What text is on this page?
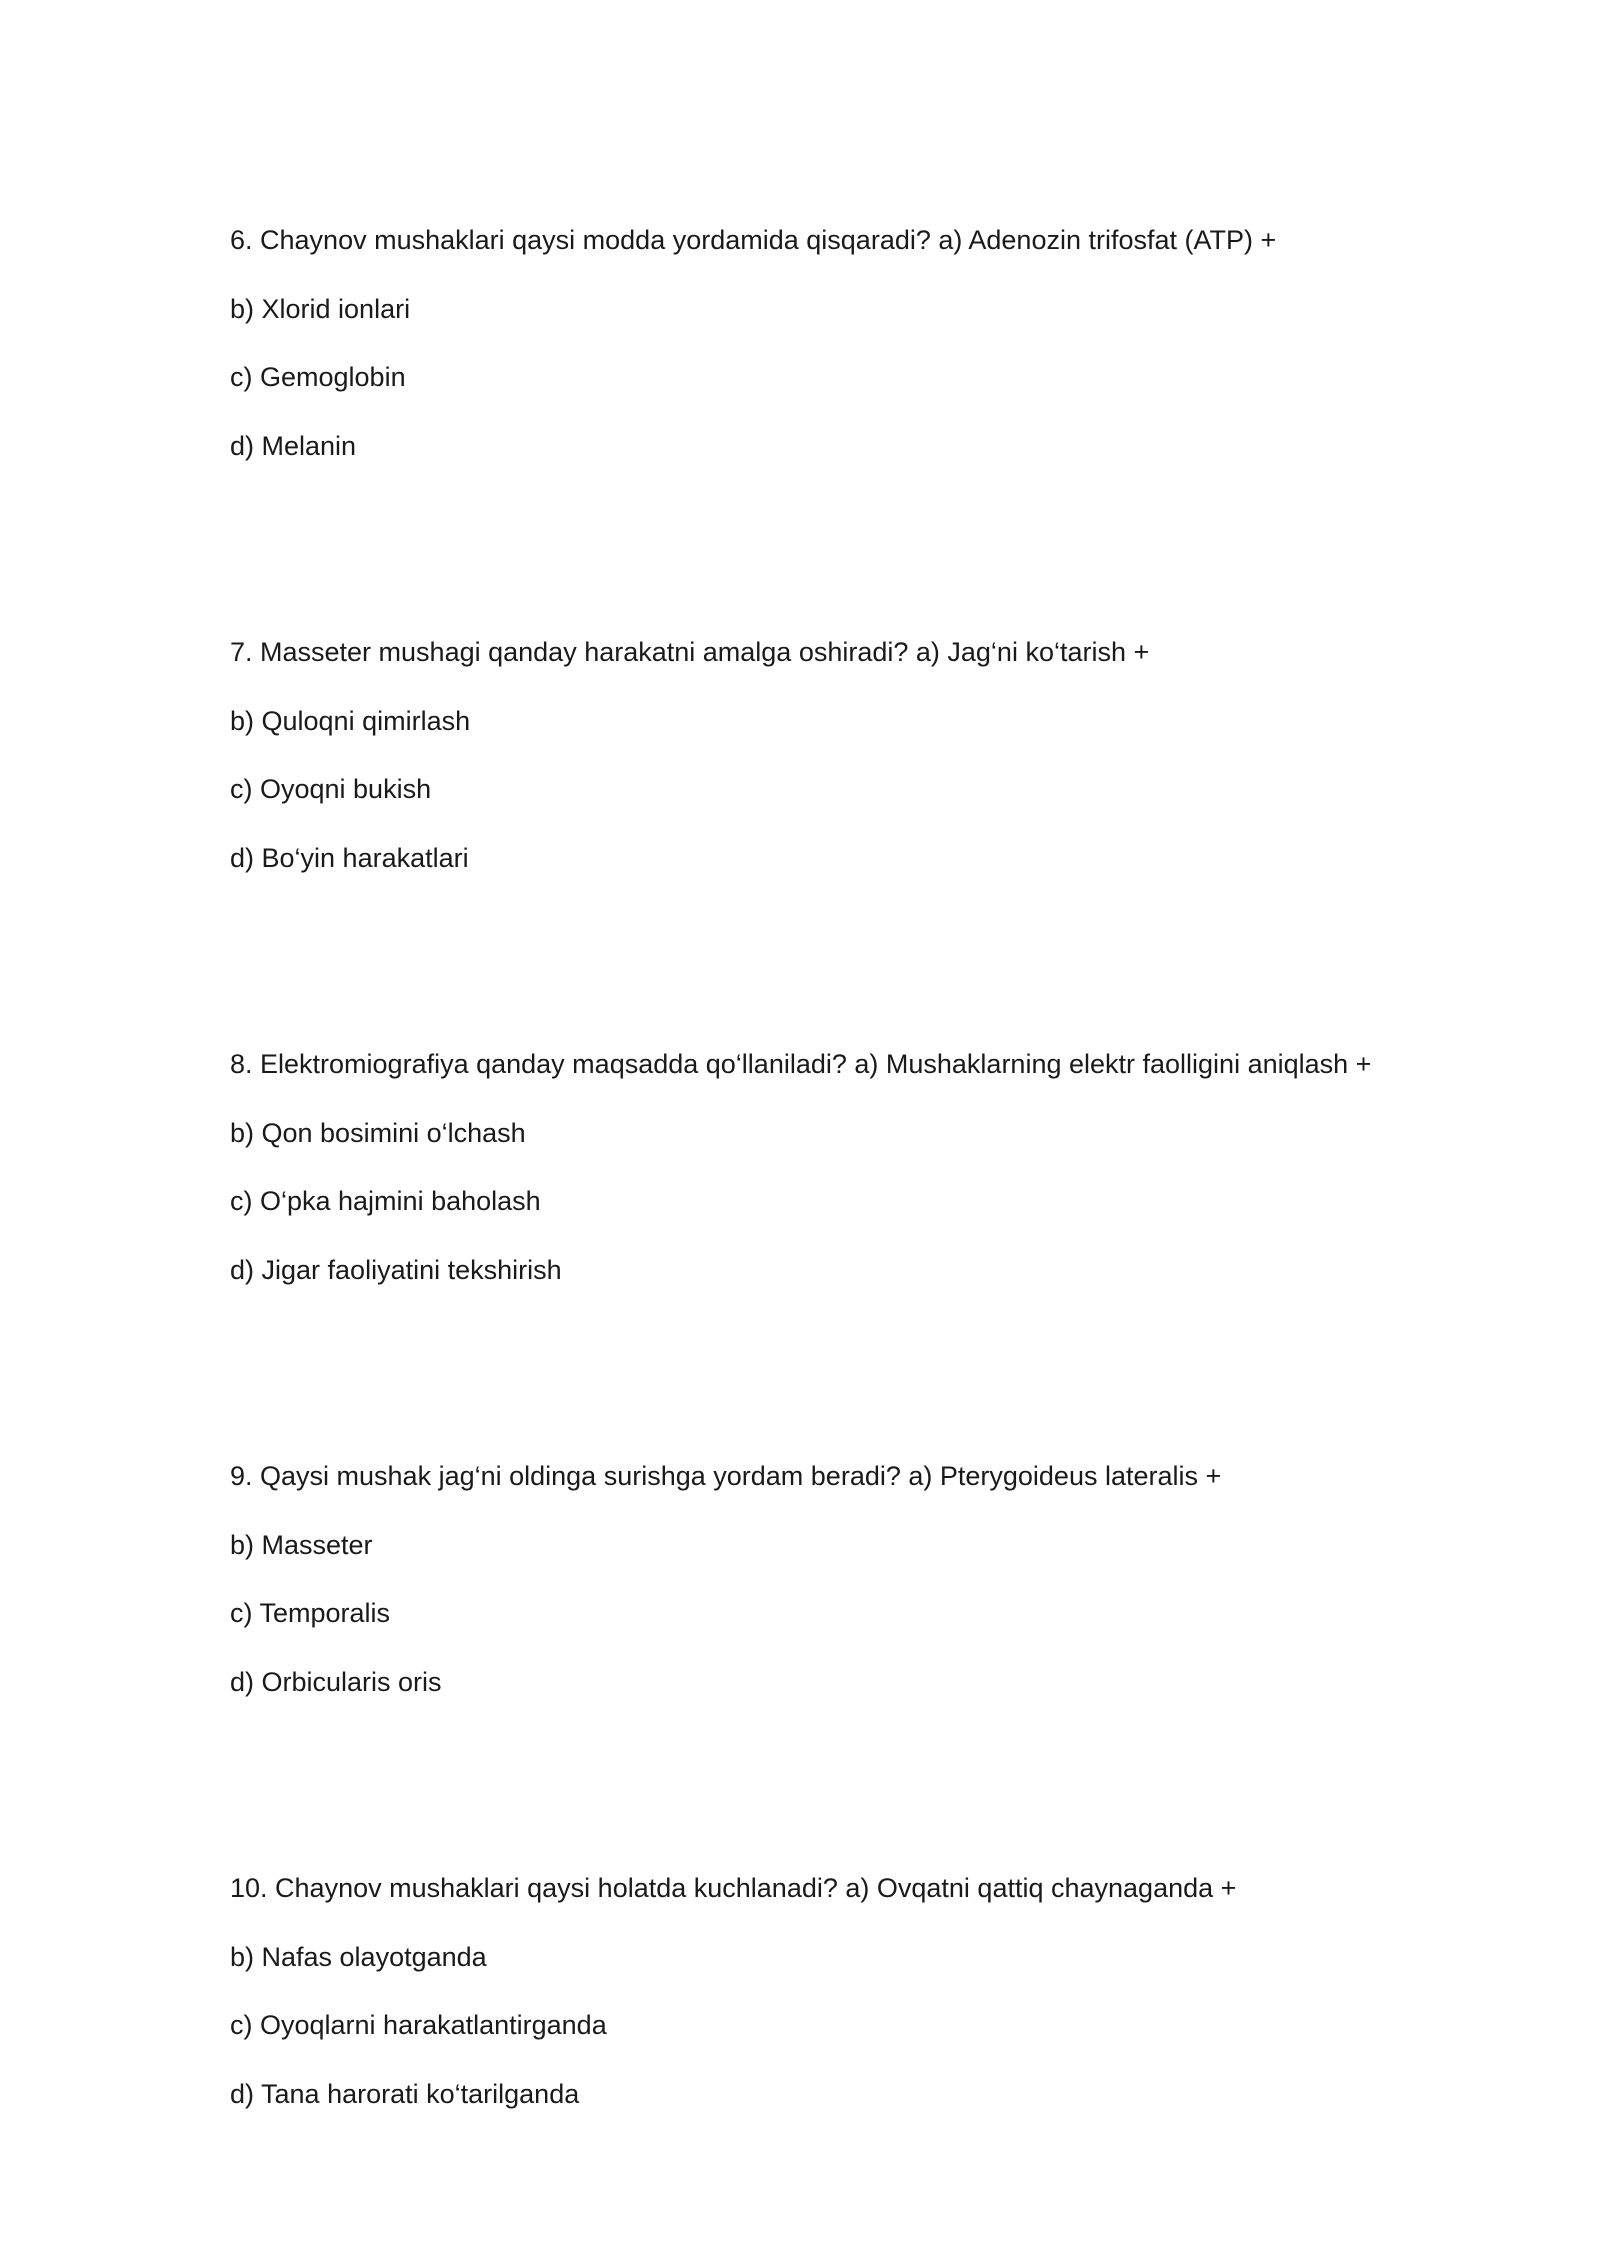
6. Chaynov mushaklari qaysi modda yordamida qisqaradi? a) Adenozin trifosfat (ATP) +

b) Xlorid ionlari

c) Gemoglobin

d) Melanin

7. Masseter mushagi qanday harakatni amalga oshiradi? a) Jag‘ni ko‘tarish +

b) Quloqni qimirlash

c) Oyoqni bukish

d) Bo‘yin harakatlari

8. Elektromiografiya qanday maqsadda qo‘llaniladi? a) Mushaklarning elektr faolligini aniqlash +

b) Qon bosimini o‘lchash

c) O‘pka hajmini baholash

d) Jigar faoliyatini tekshirish

9. Qaysi mushak jag‘ni oldinga surishga yordam beradi? a) Pterygoideus lateralis +

b) Masseter

c) Temporalis

d) Orbicularis oris

10. Chaynov mushaklari qaysi holatda kuchlanadi? a) Ovqatni qattiq chaynaganda +

b) Nafas olayotganda

c) Oyoqlarni harakatlantirganda

d) Tana harorati ko‘tarilganda
